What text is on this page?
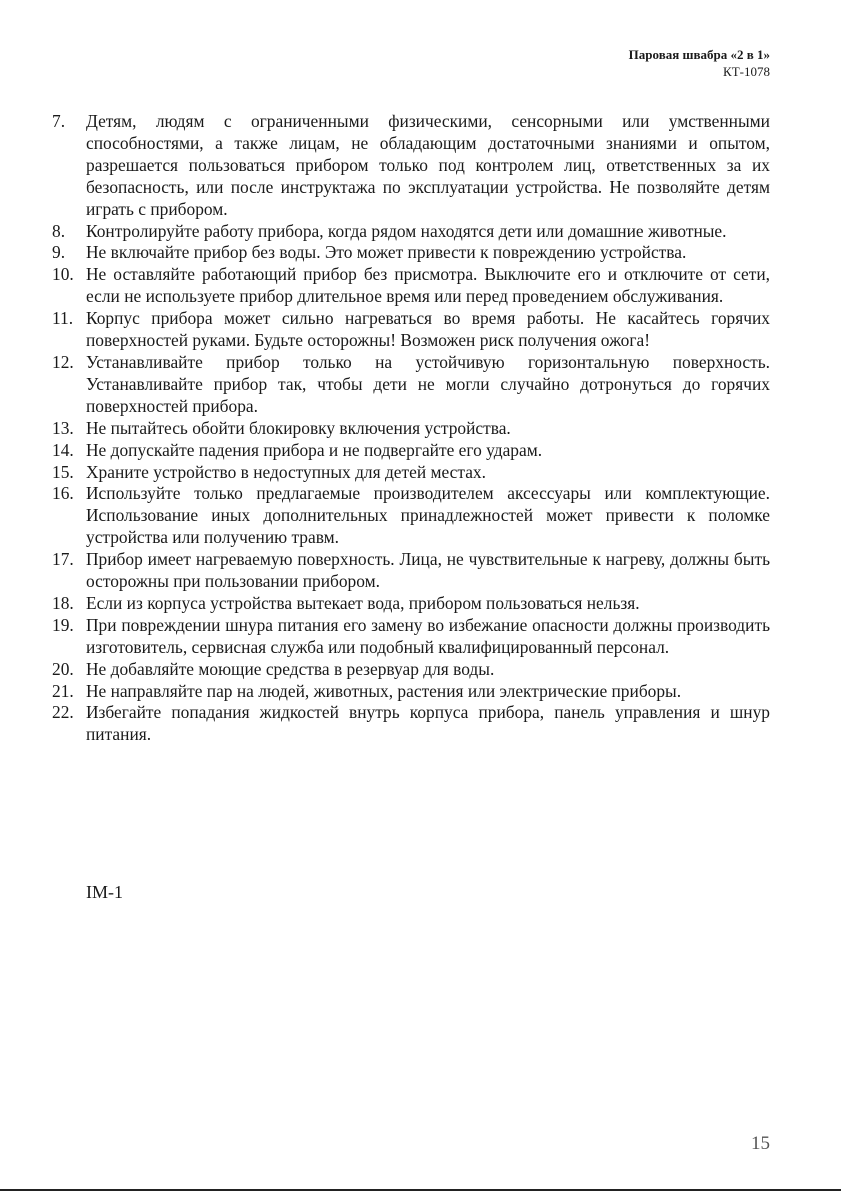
Паровая швабра «2 в 1»
КТ-1078
7.	Детям, людям с ограниченными физическими, сенсорными или умственными способностями, а также лицам, не обладающим достаточными знаниями и опытом, разрешается пользоваться прибором только под контролем лиц, ответственных за их безопасность, или после инструктажа по эксплуатации устройства. Не позволяйте детям играть с прибором.
8.	Контролируйте работу прибора, когда рядом находятся дети или домашние животные.
9.	Не включайте прибор без воды. Это может привести к повреждению устройства.
10. Не оставляйте работающий прибор без присмотра. Выключите его и отключите от сети, если не используете прибор длительное время или перед проведением обслуживания.
11. Корпус прибора может сильно нагреваться во время работы. Не касайтесь горячих поверхностей руками. Будьте осторожны! Возможен риск получения ожога!
12. Устанавливайте прибор только на устойчивую горизонтальную поверхность. Устанавливайте прибор так, чтобы дети не могли случайно дотронуться до горячих поверхностей прибора.
13. Не пытайтесь обойти блокировку включения устройства.
14. Не допускайте падения прибора и не подвергайте его ударам.
15. Храните устройство в недоступных для детей местах.
16. Используйте только предлагаемые производителем аксессуары или комплектующие. Использование иных дополнительных принадлежностей может привести к поломке устройства или получению травм.
17. Прибор имеет нагреваемую поверхность. Лица, не чувствительные к нагреву, должны быть осторожны при пользовании прибором.
18. Если из корпуса устройства вытекает вода, прибором пользоваться нельзя.
19. При повреждении шнура питания его замену во избежание опасности должны производить изготовитель, сервисная служба или подобный квалифицированный персонал.
20. Не добавляйте моющие средства в резервуар для воды.
21. Не направляйте пар на людей, животных, растения или электрические приборы.
22. Избегайте попадания жидкостей внутрь корпуса прибора, панель управления и шнур питания.
IM-1
15
